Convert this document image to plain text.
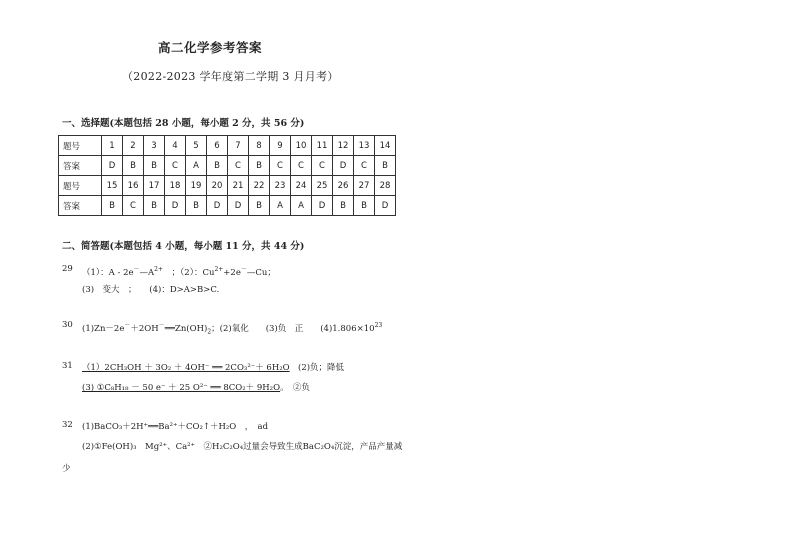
高二化学参考答案
（2022-2023 学年度第二学期 3 月月考）
一、选择题(本题包括 28 小题，每小题 2 分，共 56 分)
题号	1	2	3	4	5	6	7	8	9	10	11	12	13	14
答案	D	B	B	C	A	B	C	B	C	C	C	D	C	B
题号	15	16	17	18	19	20	21	22	23	24	25	26	27	28
答案	B	C	B	D	B	D	D	B	A	A	D	B	B	D
二、简答题(本题包括 4 小题，每小题 11 分，共 44 分)
29 （1）：A - $2e^-—A^{2+}$　 ；（2）：$Cu^{2+}+2e^-—Cu$；
(3)　变大　；　　(4)：D>A>B>C.
30 $(1)Zn-2e^-+2OH^-══Zn(OH)_2$；(2)氧化　　(3)负　正　　$(4)1.806\times 10^{23}$
31 （1）2CH₃OH ＋ 3O₂ ＋ 4OH⁻ ══ 2CO₃²⁻＋ 6H₂O (2)负；降低
(3) ①C₈H₁₈ － 50 e⁻ ＋ 25 O²⁻ ══ 8CO₂＋ 9H₂O。　②负
32 (1)BaCO₃＋2H⁺══Ba²⁺＋CO₂↑＋H₂O　，　ad
(2)①Fe(OH)₃　Mg²⁺、Ca²⁺　②H₂C₂O₄过量会导致生成BaC₂O₄沉淀，产品产量减
少
